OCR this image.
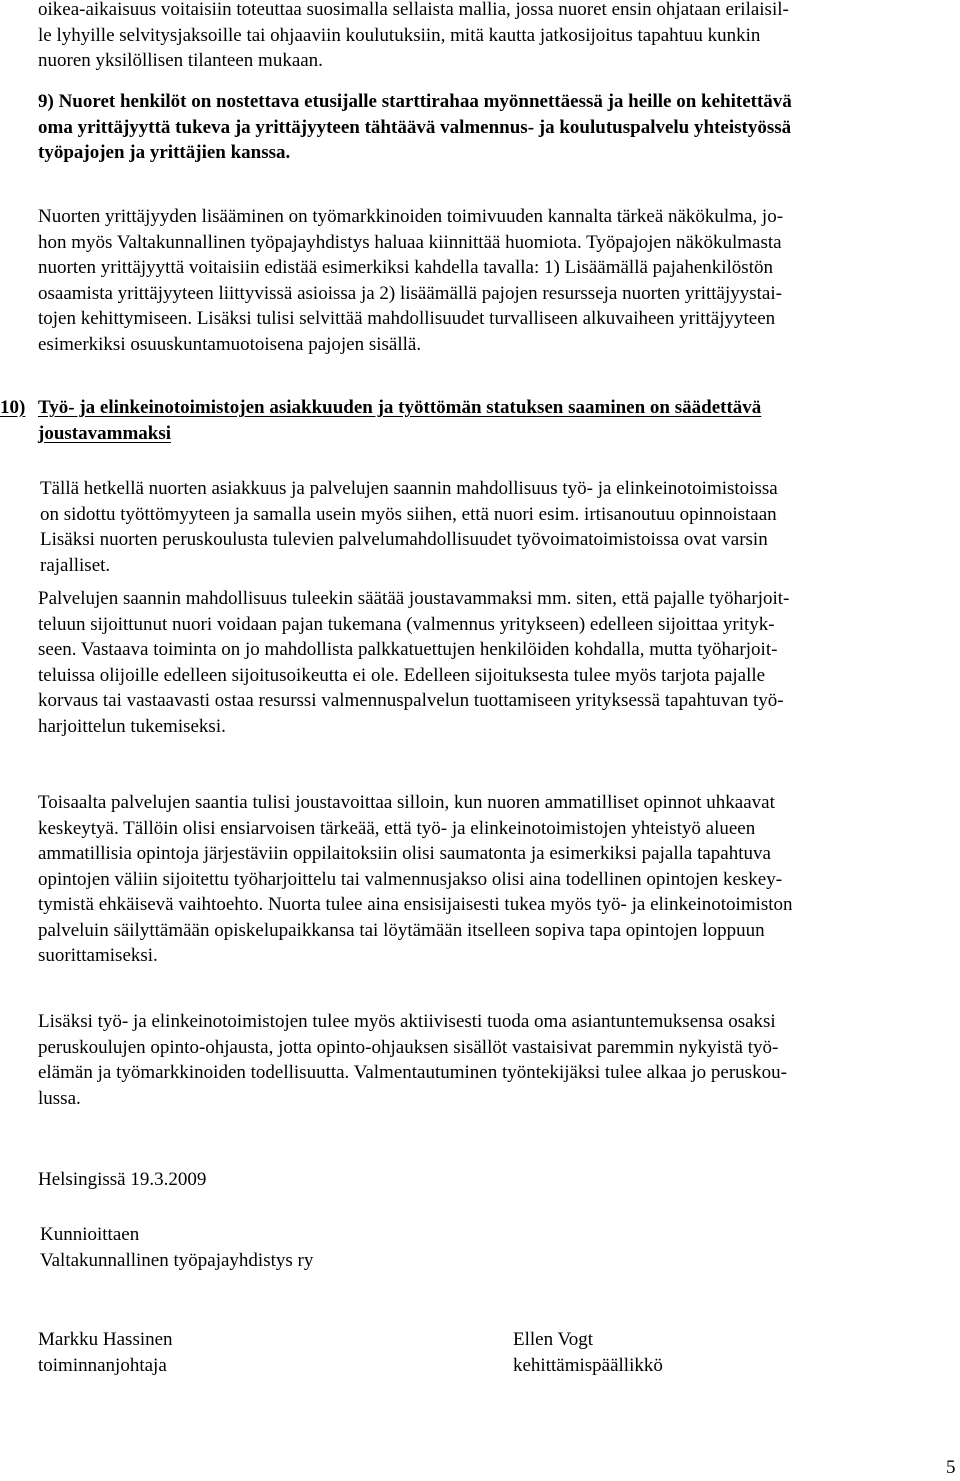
oikea-aikaisuus voitaisiin toteuttaa suosimalla sellaista mallia, jossa nuoret ensin ohjataan erilaisil-
le lyhyille selvitysjaksoille tai ohjaaviin koulutuksiin, mitä kautta jatkosijoitus tapahtuu kunkin
nuoren yksilöllisen tilanteen mukaan.
9) Nuoret henkilöt on nostettava etusijalle starttirahaa myönnettäessä ja heille on kehitettävä
oma yrittäjyyttä tukeva ja yrittäjyyteen tähtäävä valmennus- ja koulutuspalvelu yhteistyössä
työpajojen ja yrittäjien kanssa.
Nuorten yrittäjyyden lisääminen on työmarkkinoiden toimivuuden kannalta tärkeä näkökulma, jo-
hon myös Valtakunnallinen työpajayhdistys haluaa kiinnittää huomiota. Työpajojen näkökulmasta
nuorten yrittäjyyttä voitaisiin edistää esimerkiksi kahdella tavalla: 1) Lisäämällä pajahenkilöstön
osaamista yrittäjyyteen liittyvissä asioissa ja 2) lisäämällä pajojen resursseja nuorten yrittäjyystai-
tojen kehittymiseen. Lisäksi tulisi selvittää mahdollisuudet turvalliseen alkuvaiheen yrittäjyyteen
esimerkiksi osuuskuntamuotoisena pajojen sisällä.
10) Työ- ja elinkeinotoimistojen asiakkuuden ja työttömän statuksen saaminen on säädettävä
joustavammaksi
Tällä hetkellä nuorten asiakkuus ja palvelujen saannin mahdollisuus työ- ja elinkeinotoimistoissa
on sidottu työttömyyteen ja samalla usein myös siihen, että nuori esim. irtisanoutuu opinnoistaan
Lisäksi nuorten peruskoulusta tulevien palvelumahdollisuudet työvoimatoimistoissa ovat varsin
rajalliset.
Palvelujen saannin mahdollisuus tuleekin säätää joustavammaksi mm. siten, että pajalle työharjoit-
teluun sijoittunut nuori voidaan pajan tukemana (valmennus yritykseen) edelleen sijoittaa yrityk-
seen. Vastaava toiminta on jo mahdollista palkkatuettujen henkilöiden kohdalla, mutta työharjoit-
teluissa olijoille edelleen sijoitusoikeutta ei ole. Edelleen sijoituksesta tulee myös tarjota pajalle
korvaus tai vastaavasti ostaa resurssi valmennuspalvelun tuottamiseen yrityksessä tapahtuvan työ-
harjoittelun tukemiseksi.
Toisaalta palvelujen saantia tulisi joustavoittaa silloin, kun nuoren ammatilliset opinnot uhkaavat
keskeytyä. Tällöin olisi ensiarvoisen tärkeää, että työ- ja elinkeinotoimistojen yhteistyö alueen
ammatillisia opintoja järjestäviin oppilaitoksiin olisi saumatonta ja esimerkiksi pajalla tapahtuva
opintojen väliin sijoitettu työharjoittelu tai valmennusjakso olisi aina todellinen opintojen keskey-
tymistä ehkäisevä vaihtoehto. Nuorta tulee aina ensisijaisesti tukea myös työ- ja elinkeinotoimiston
palveluin säilyttämään opiskelupaikkansa tai löytämään itselleen sopiva tapa opintojen loppuun
suorittamiseksi.
Lisäksi työ- ja elinkeinotoimistojen tulee myös aktiivisesti tuoda oma asiantuntemuksensa osaksi
peruskoulujen opinto-ohjausta, jotta opinto-ohjauksen sisällöt vastaisivat paremmin nykyistä työ-
elämän ja työmarkkinoiden todellisuutta. Valmentautuminen työntekijäksi tulee alkaa jo peruskou-
lussa.
Helsingissä 19.3.2009
Kunnioittaen
Valtakunnallinen työpajayhdistys ry
Markku Hassinen
toiminnanjohtaja
Ellen Vogt
kehittämispäällikkö
5
